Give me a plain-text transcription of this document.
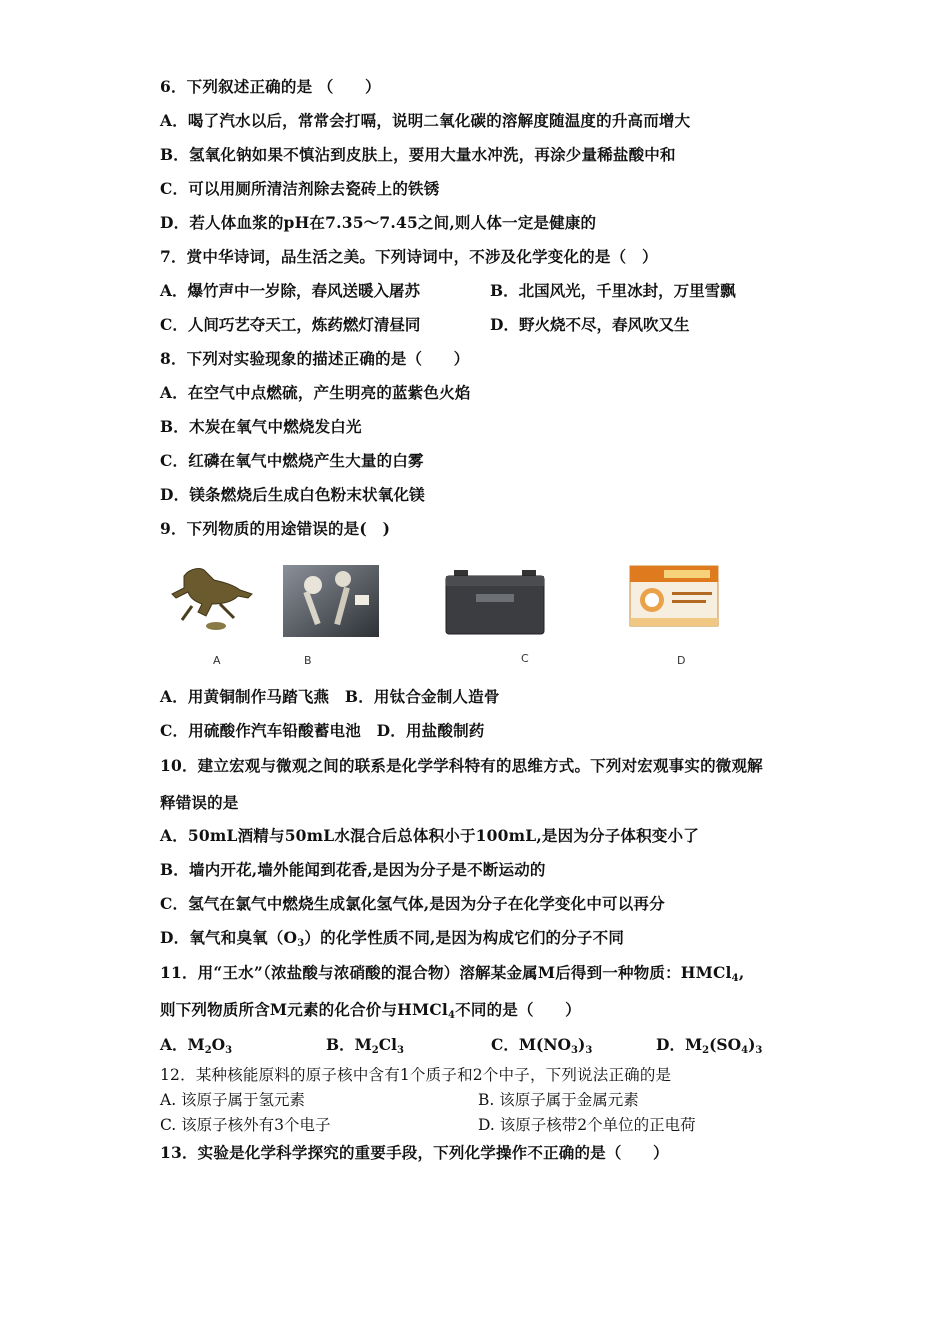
6．下列叙述正确的是 （　　）
A．喝了汽水以后，常常会打嗝，说明二氧化碳的溶解度随温度的升高而增大
B．氢氧化钠如果不慎沾到皮肤上，要用大量水冲洗，再涂少量稀盐酸中和
C．可以用厕所清洁剂除去瓷砖上的铁锈
D．若人体血浆的pH在7.35～7.45之间,则人体一定是健康的
7．赏中华诗词，品生活之美。下列诗词中，不涉及化学变化的是（　）
A．爆竹声中一岁除，春风送暖入屠苏	B．北国风光，千里冰封，万里雪飘
C．人间巧艺夺天工，炼药燃灯清昼同	D．野火烧不尽，春风吹又生
8．下列对实验现象的描述正确的是（　　）
A．在空气中点燃硫，产生明亮的蓝紫色火焰
B．木炭在氧气中燃烧发白光
C．红磷在氧气中燃烧产生大量的白雾
D．镁条燃烧后生成白色粉末状氧化镁
9．下列物质的用途错误的是(　)
A	B	C	D
A．用黄铜制作马踏飞燕　B．用钛合金制人造骨
C．用硫酸作汽车铅酸蓄电池　D．用盐酸制药
10．建立宏观与微观之间的联系是化学学科特有的思维方式。下列对宏观事实的微观解
释错误的是
A．50mL酒精与50mL水混合后总体积小于100mL,是因为分子体积变小了
B．墙内开花,墙外能闻到花香,是因为分子是不断运动的
C．氢气在氯气中燃烧生成氯化氢气体,是因为分子在化学变化中可以再分
D．氧气和臭氧$(O_3)$的化学性质不同,是因为构成它们的分子不同
11．用“王水”（浓盐酸与浓硝酸的混合物）溶解某金属M后得到一种物质：HMCl$_4$,
则下列物质所含M元素的化合价与HMCl$_4$不同的是（　　）
A．$M_2O_3$	B．$M_2Cl_3$	C．$M(NO_3)_3$	D．$M_2(SO_4)_3$
12．某种核能原料的原子核中含有1个质子和2个中子，下列说法正确的是
A. 该原子属于氢元素	B. 该原子属于金属元素
C. 该原子核外有3个电子	D. 该原子核带2个单位的正电荷
13．实验是化学科学探究的重要手段，下列化学操作不正确的是（　　）
